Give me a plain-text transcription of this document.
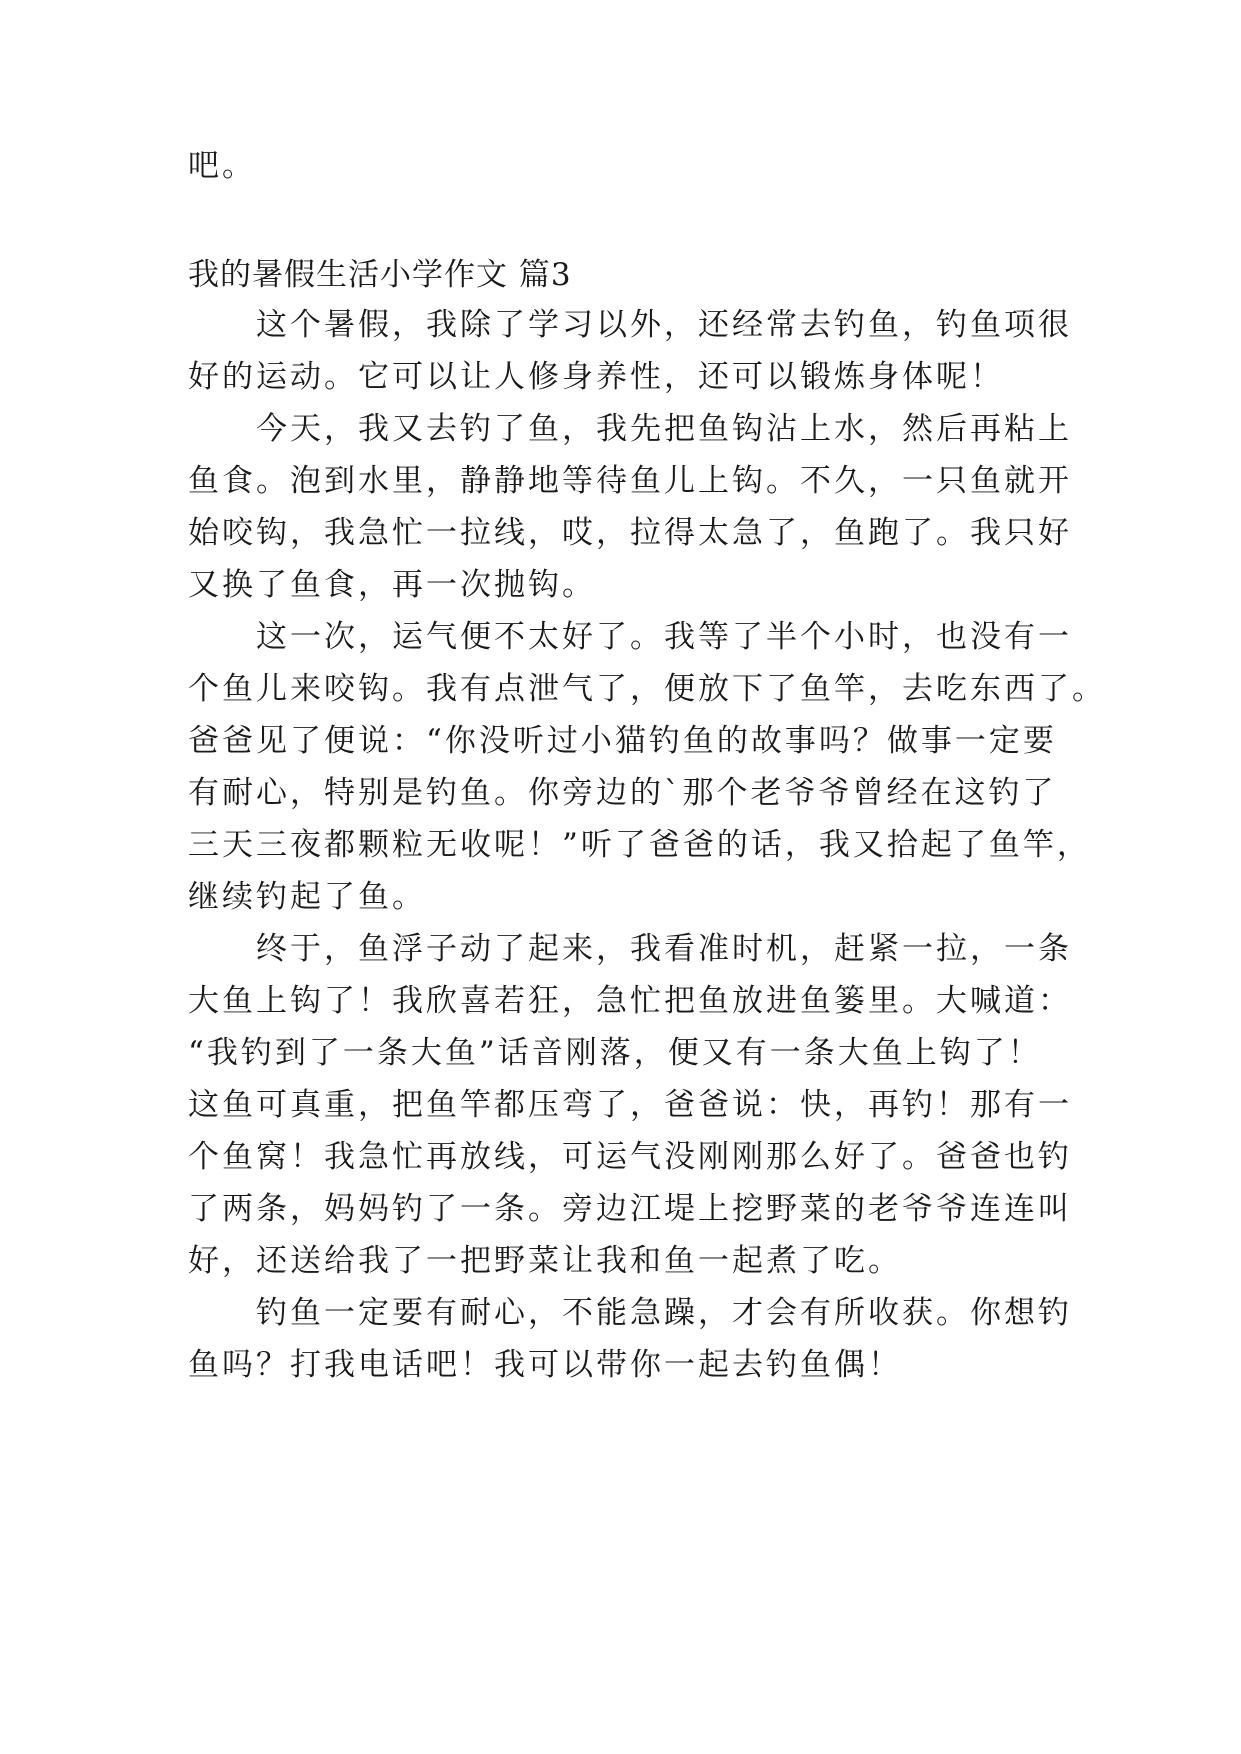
吧。
我的暑假生活小学作文 篇3
这个暑假，我除了学习以外，还经常去钓鱼，钓鱼项很
好的运动。它可以让人修身养性，还可以锻炼身体呢！
今天，我又去钓了鱼，我先把鱼钩沾上水，然后再粘上
鱼食。泡到水里，静静地等待鱼儿上钩。不久，一只鱼就开
始咬钩，我急忙一拉线，哎，拉得太急了，鱼跑了。我只好
又换了鱼食，再一次抛钩。
这一次，运气便不太好了。我等了半个小时，也没有一
个鱼儿来咬钩。我有点泄气了，便放下了鱼竿，去吃东西了。
爸爸见了便说：“你没听过小猫钓鱼的故事吗？做事一定要
有耐心，特别是钓鱼。你旁边的`那个老爷爷曾经在这钓了
三天三夜都颗粒无收呢！”听了爸爸的话，我又拾起了鱼竿，
继续钓起了鱼。
终于，鱼浮子动了起来，我看准时机，赶紧一拉，一条
大鱼上钩了！我欣喜若狂，急忙把鱼放进鱼篓里。大喊道：
“我钓到了一条大鱼”话音刚落，便又有一条大鱼上钩了！
这鱼可真重，把鱼竿都压弯了，爸爸说：快，再钓！那有一
个鱼窝！我急忙再放线，可运气没刚刚那么好了。爸爸也钓
了两条，妈妈钓了一条。旁边江堤上挖野菜的老爷爷连连叫
好，还送给我了一把野菜让我和鱼一起煮了吃。
钓鱼一定要有耐心，不能急躁，才会有所收获。你想钓
鱼吗？打我电话吧！我可以带你一起去钓鱼偶！
